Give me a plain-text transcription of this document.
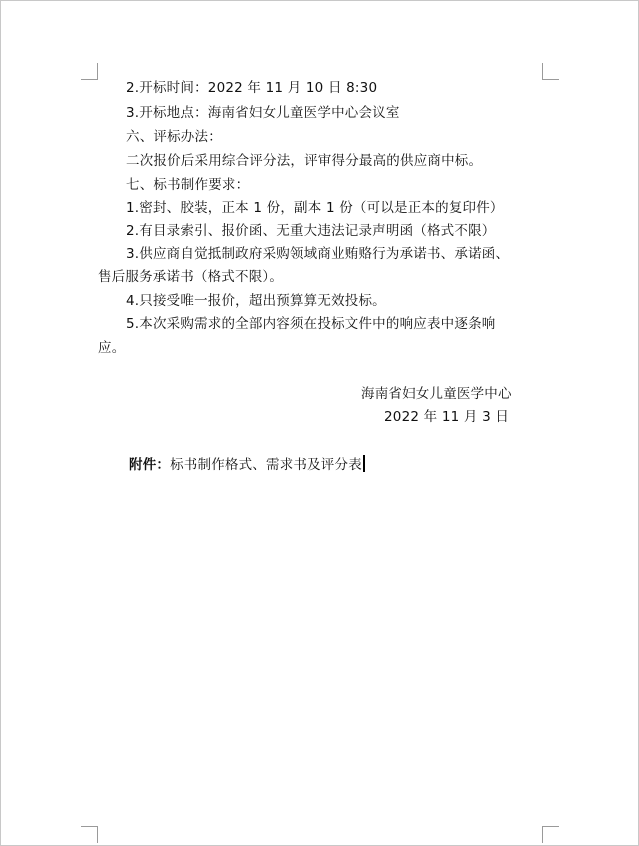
2.开标时间：2022 年 11 月 10 日 8:30
3.开标地点：海南省妇女儿童医学中心会议室
六、评标办法：
二次报价后采用综合评分法，评审得分最高的供应商中标。
七、标书制作要求：
1.密封、胶装，正本 1 份，副本 1 份（可以是正本的复印件）
2.有目录索引、报价函、无重大违法记录声明函（格式不限）
3.供应商自觉抵制政府采购领域商业贿赂行为承诺书、承诺函、
售后服务承诺书（格式不限）。
4.只接受唯一报价，超出预算算无效投标。
5.本次采购需求的全部内容须在投标文件中的响应表中逐条响
应。
海南省妇女儿童医学中心
2022 年 11 月 3 日
附件：标书制作格式、需求书及评分表
